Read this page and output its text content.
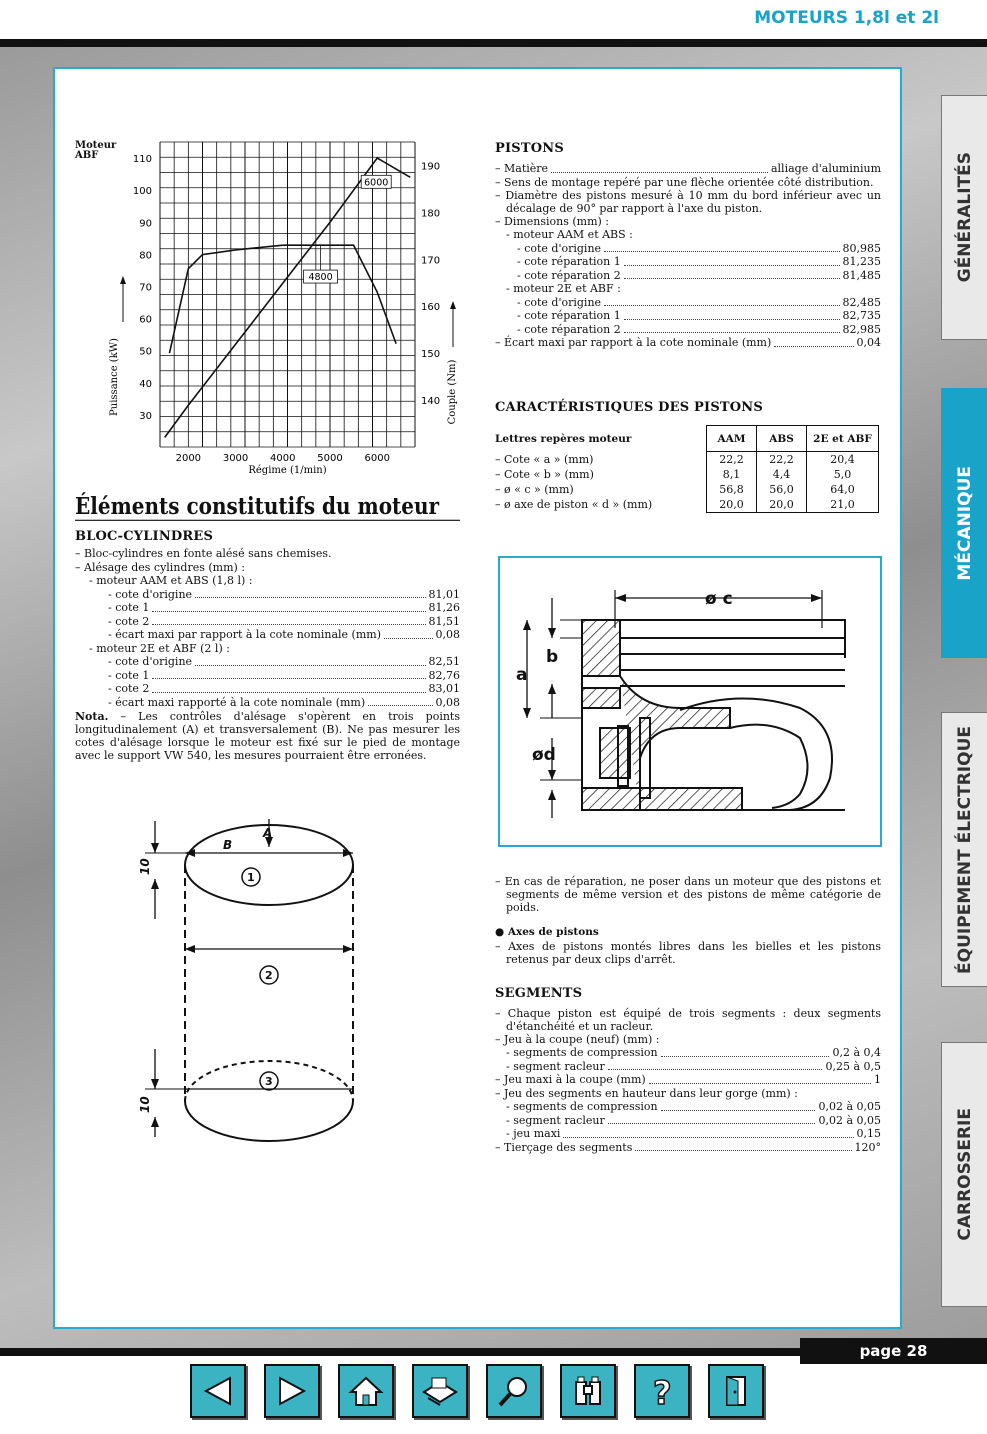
MOTEURS 1,8l et 2l
GÉNÉRALITÉS
MÉCANIQUE
ÉQUIPEMENT ÉLECTRIQUE
CARROSSERIE
Moteur
ABF	110
100
90
80
70
60
50
40
30
190
180
170
160
150
140
2000 3000 4000 5000 6000
Régime (1/min)
Puissance (kW)	Couple (Nm)
6000
4800
Éléments constitutifs du moteur
BLOC-CYLINDRES
– Bloc-cylindres en fonte alésé sans chemises.
– Alésage des cylindres (mm) :
- moteur AAM et ABS (1,8 l) :
- cote d'origine	81,01
- cote 1	81,26
- cote 2	81,51
- écart maxi par rapport à la cote nominale (mm)	0,08
- moteur 2E et ABF (2 l) :
- cote d'origine	82,51
- cote 1	82,76
- cote 2	83,01
- écart maxi rapporté à la cote nominale (mm)	0,08
Nota. – Les contrôles d'alésage s'opèrent en trois points longitudinalement (A) et transversalement (B). Ne pas mesurer les cotes d'alésage lorsque le moteur est fixé sur le pied de montage avec le support VW 540, les mesures pourraient être erronées.
10
10
A
B
1
2
3
PISTONS
– Matière	alliage d'aluminium
– Sens de montage repéré par une flèche orientée côté distribution.
– Diamètre des pistons mesuré à 10 mm du bord inférieur avec un décalage de 90° par rapport à l'axe du piston.
– Dimensions (mm) :
- moteur AAM et ABS :
- cote d'origine	80,985
- cote réparation 1	81,235
- cote réparation 2	81,485
- moteur 2E et ABF :
- cote d'origine	82,485
- cote réparation 1	82,735
- cote réparation 2	82,985
– Écart maxi par rapport à la cote nominale (mm)	0,04
CARACTÉRISTIQUES DES PISTONS
Lettres repères moteur	AAM	ABS	2E et ABF
– Cote « a » (mm)	22,2	22,2	20,4
– Cote « b » (mm)	8,1	4,4	5,0
– ø « c » (mm)	56,8	56,0	64,0
– ø axe de piston « d » (mm)	20,0	20,0	21,0
ø c
a
b
ød
– En cas de réparation, ne poser dans un moteur que des pistons et segments de même version et des pistons de même catégorie de poids.
● Axes de pistons
– Axes de pistons montés libres dans les bielles et les pistons retenus par deux clips d'arrêt.
SEGMENTS
– Chaque piston est équipé de trois segments : deux segments d'étanchéité et un racleur.
– Jeu à la coupe (neuf) (mm) :
- segments de compression	0,2 à 0,4
- segment racleur	0,25 à 0,5
– Jeu maxi à la coupe (mm)	1
– Jeu des segments en hauteur dans leur gorge (mm) :
- segments de compression	0,02 à 0,05
- segment racleur	0,02 à 0,05
- jeu maxi	0,15
– Tierçage des segments	120°
page 28
?
